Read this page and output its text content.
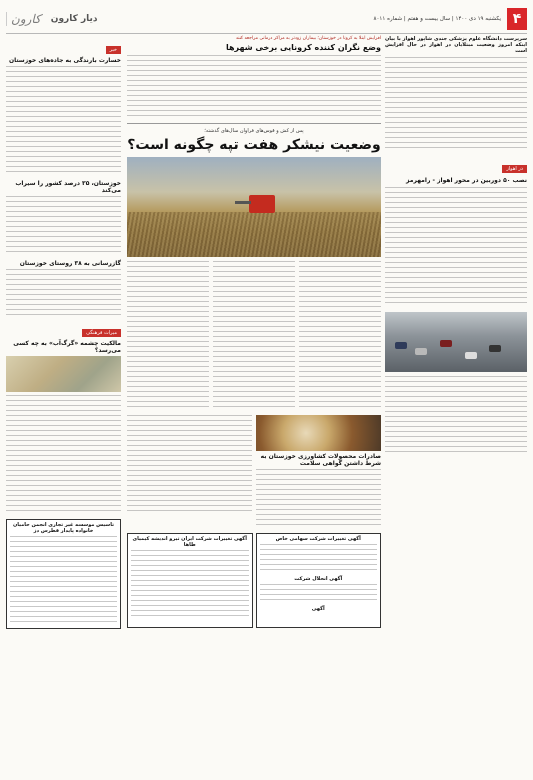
۴
یکشنبه ۱۹ دی ۱۴۰۰ | سال بیست و هفتم | شماره ۸۰۱۱
دیار کارون
کارون
سرپرست دانشگاه علوم پزشکی جندی شاپور اهواز با بیان اینکه امروز وضعیت مبتلایان در اهواز در حال افزایش است
در اهواز
نصب ۵۰ دوربین در محور اهواز - رامهرمز
افزایش ابتلا به کرونا در خوزستان؛ بیماران زودتر به مراکز درمانی مراجعه کنند
وضع نگران کننده کرونایی برخی شهرها
پس از کش و قوس‌های فراوان سال‌های گذشته؛
وضعیت نیشکر هفت تپه چگونه است؟
صادرات محصولات کشاورزی خوزستان به شرط داشتن گواهی سلامت
آگهی تغییرات شرکت سهامی خاص
آگهی انحلال شرکت
آگهی
آگهی تغییرات شرکت ایران تیرو اندیشه کیمیای طاها
خبر
خسارت بارندگی به جاده‌های خوزستان
خوزستان، ۳۵ درصد کشور را سیراب می‌کند
گازرسانی به ۳۸ روستای خوزستان
میراث فرهنگی
مالکیت چشمه «گرگ‌آب» به چه کسی می‌رسد؟
تاسیس موسسه غیر تجاری انجمن حامیان خانواده پایدار قطرس دز
